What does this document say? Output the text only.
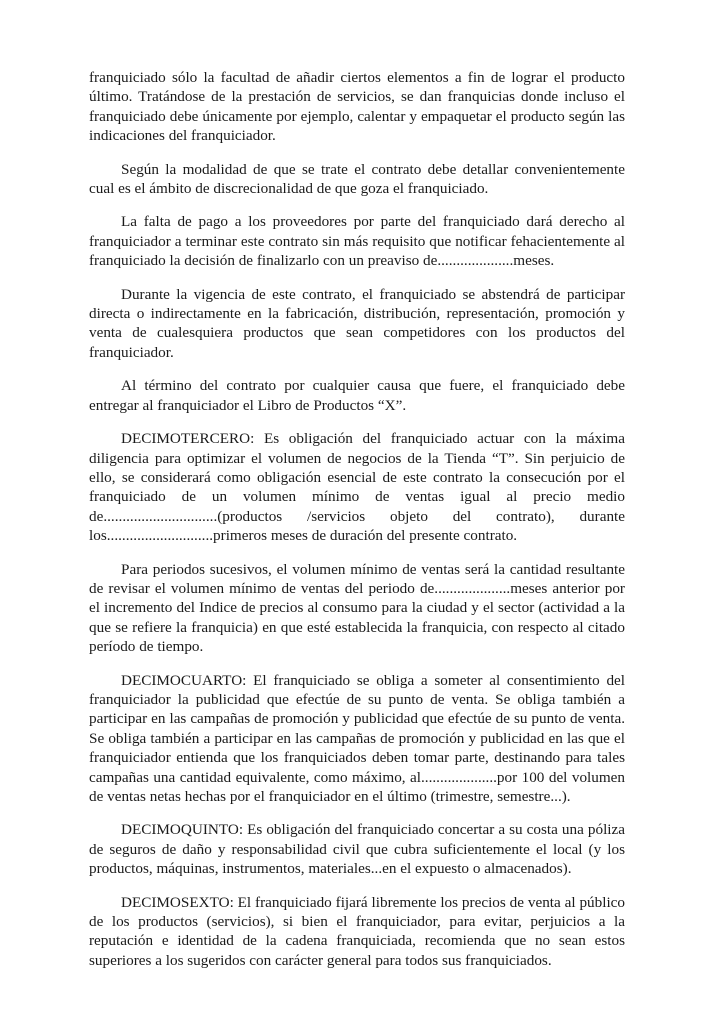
franquiciado sólo la facultad de añadir ciertos elementos a fin de lograr el producto último. Tratándose de la prestación de servicios, se dan franquicias donde incluso el franquiciado debe únicamente por ejemplo, calentar y empaquetar el producto según las indicaciones del franquiciador.

Según la modalidad de que se trate el contrato debe detallar convenientemente cual es el ámbito de discrecionalidad de que goza el franquiciado.

La falta de pago a los proveedores por parte del franquiciado dará derecho al franquiciador a terminar este contrato sin más requisito que notificar fehacientemente al franquiciado la decisión de finalizarlo con un preaviso de....................meses.

Durante la vigencia de este contrato, el franquiciado se abstendrá de participar directa o indirectamente en la fabricación, distribución, representación, promoción y venta de cualesquiera productos que sean competidores con los productos del franquiciador.

Al término del contrato por cualquier causa que fuere, el franquiciado debe entregar al franquiciador el Libro de Productos “X”.

DECIMOTERCERO: Es obligación del franquiciado actuar con la máxima diligencia para optimizar el volumen de negocios de la Tienda “T”. Sin perjuicio de ello, se considerará como obligación esencial de este contrato la consecución por el franquiciado de un volumen mínimo de ventas igual al precio medio de..............................(productos /servicios objeto del contrato), durante los............................primeros meses de duración del presente contrato.

Para periodos sucesivos, el volumen mínimo de ventas será la cantidad resultante de revisar el volumen mínimo de ventas del periodo de....................meses anterior por el incremento del Indice de precios al consumo para la ciudad y el sector (actividad a la que se refiere la franquicia) en que esté establecida la franquicia, con respecto al citado período de tiempo.

DECIMOCUARTO: El franquiciado se obliga a someter al consentimiento del franquiciador la publicidad que efectúe de su punto de venta. Se obliga también a participar en las campañas de promoción y publicidad que efectúe de su punto de venta. Se obliga también a participar en las campañas de promoción y publicidad en las que el franquiciador entienda que los franquiciados deben tomar parte, destinando para tales campañas una cantidad equivalente, como máximo, al....................por 100 del volumen de ventas netas hechas por el franquiciador en el último (trimestre, semestre...).

DECIMOQUINTO: Es obligación del franquiciado concertar a su costa una póliza de seguros de daño y responsabilidad civil que cubra suficientemente el local (y los productos, máquinas, instrumentos, materiales...en el expuesto o almacenados).

DECIMOSEXTO: El franquiciado fijará libremente los precios de venta al público de los productos (servicios), si bien el franquiciador, para evitar, perjuicios a la reputación e identidad de la cadena franquiciada, recomienda que no sean estos superiores a los sugeridos con carácter general para todos sus franquiciados.
